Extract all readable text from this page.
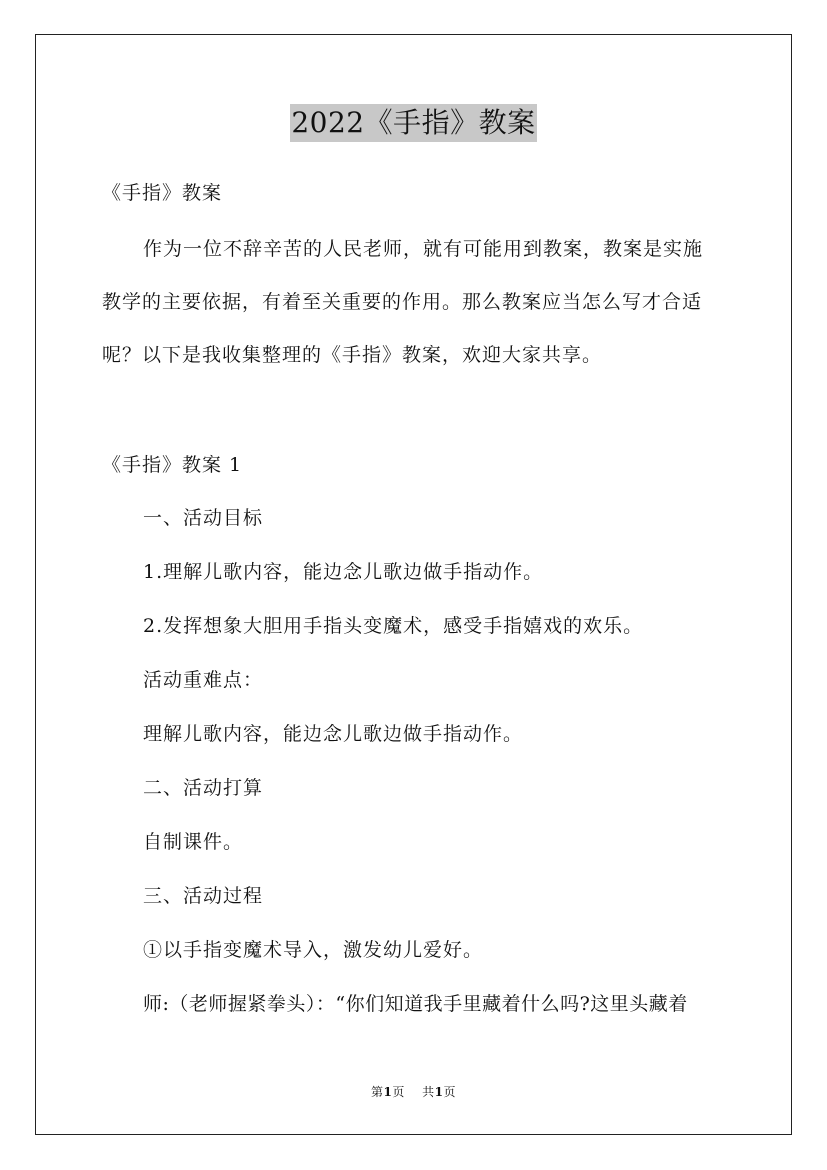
2022《手指》教案
《手指》教案
作为一位不辞辛苦的人民老师，就有可能用到教案，教案是实施
教学的主要依据，有着至关重要的作用。那么教案应当怎么写才合适
呢？以下是我收集整理的《手指》教案，欢迎大家共享。
《手指》教案 1
一、活动目标
1.理解儿歌内容，能边念儿歌边做手指动作。
2.发挥想象大胆用手指头变魔术，感受手指嬉戏的欢乐。
活动重难点：
理解儿歌内容，能边念儿歌边做手指动作。
二、活动打算
自制课件。
三、活动过程
①以手指变魔术导入，激发幼儿爱好。
师:（老师握紧拳头）：“你们知道我手里藏着什么吗?这里头藏着
第1页 共1页
